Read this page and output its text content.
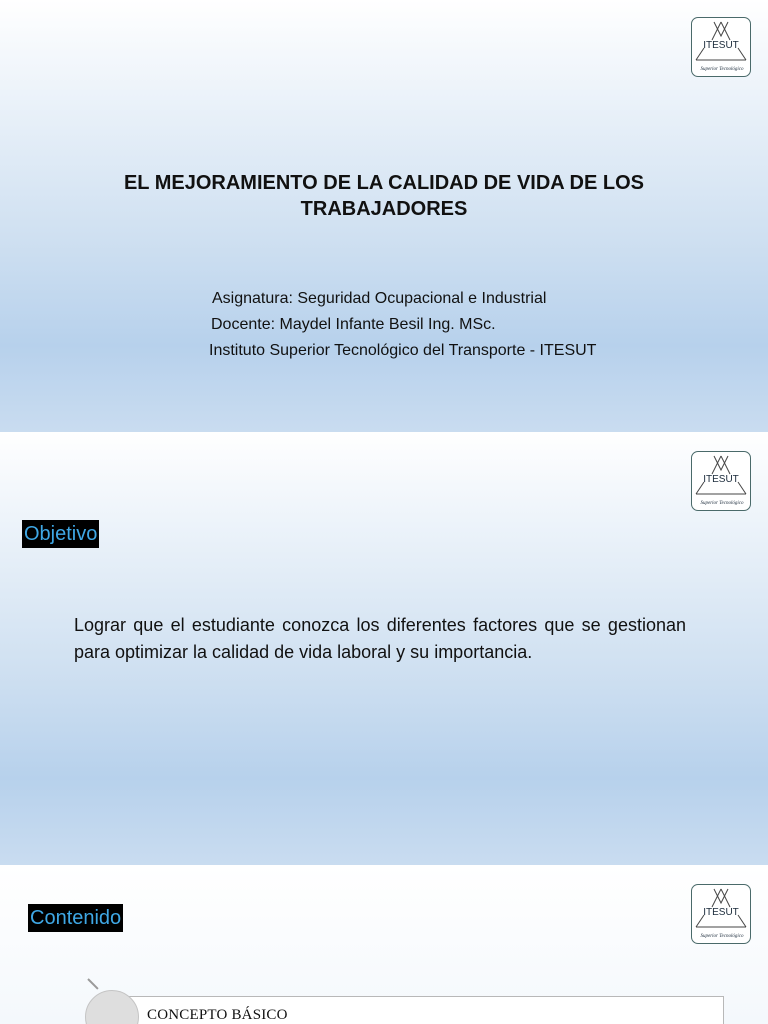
ITESUT
Superior Tecnológico
EL MEJORAMIENTO DE LA CALIDAD DE VIDA DE LOS TRABAJADORES
Asignatura: Seguridad Ocupacional e Industrial
Docente: Maydel Infante Besil Ing. MSc.
Instituto Superior Tecnológico del Transporte - ITESUT
ITESUT
Superior Tecnológico
Objetivo
Lograr que el estudiante conozca los diferentes factores que se gestionan para optimizar la calidad de vida laboral y su importancia.
ITESUT
Superior Tecnológico
Contenido
CONCEPTO BÁSICO
